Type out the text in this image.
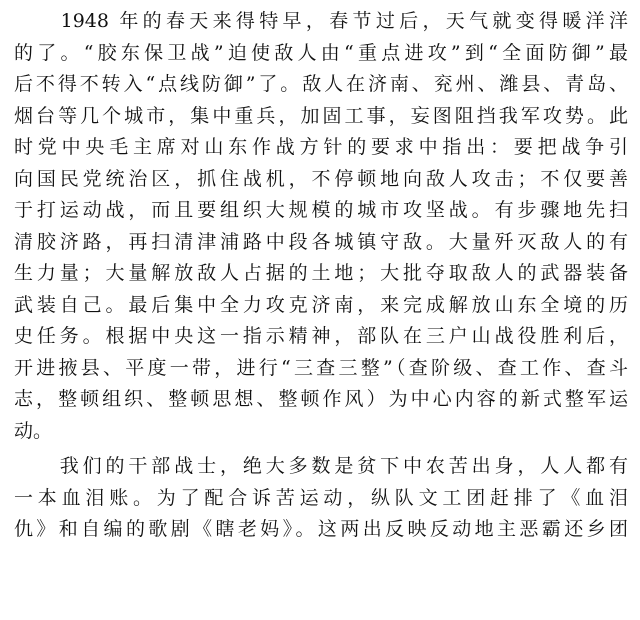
　　1948 年的春天来得特早，春节过后，天气就变得暖洋洋
的了。“胶东保卫战”迫使敌人由“重点进攻”到“全面防御”最
后不得不转入“点线防御”了。敌人在济南、兖州、潍县、青岛、
烟台等几个城市，集中重兵，加固工事，妄图阻挡我军攻势。此
时党中央毛主席对山东作战方针的要求中指出：要把战争引
向国民党统治区，抓住战机，不停顿地向敌人攻击；不仅要善
于打运动战，而且要组织大规模的城市攻坚战。有步骤地先扫
清胶济路，再扫清津浦路中段各城镇守敌。大量歼灭敌人的有
生力量；大量解放敌人占据的土地；大批夺取敌人的武器装备
武装自己。最后集中全力攻克济南，来完成解放山东全境的历
史任务。根据中央这一指示精神，部队在三户山战役胜利后，
开进掖县、平度一带，进行“三查三整”（查阶级、查工作、查斗
志，整顿组织、整顿思想、整顿作风）为中心内容的新式整军运
动。
　　我们的干部战士，绝大多数是贫下中农苦出身，人人都有
一本血泪账。为了配合诉苦运动，纵队文工团赶排了《血泪
仇》和自编的歌剧《瞎老妈》。这两出反映反动地主恶霸还乡团
